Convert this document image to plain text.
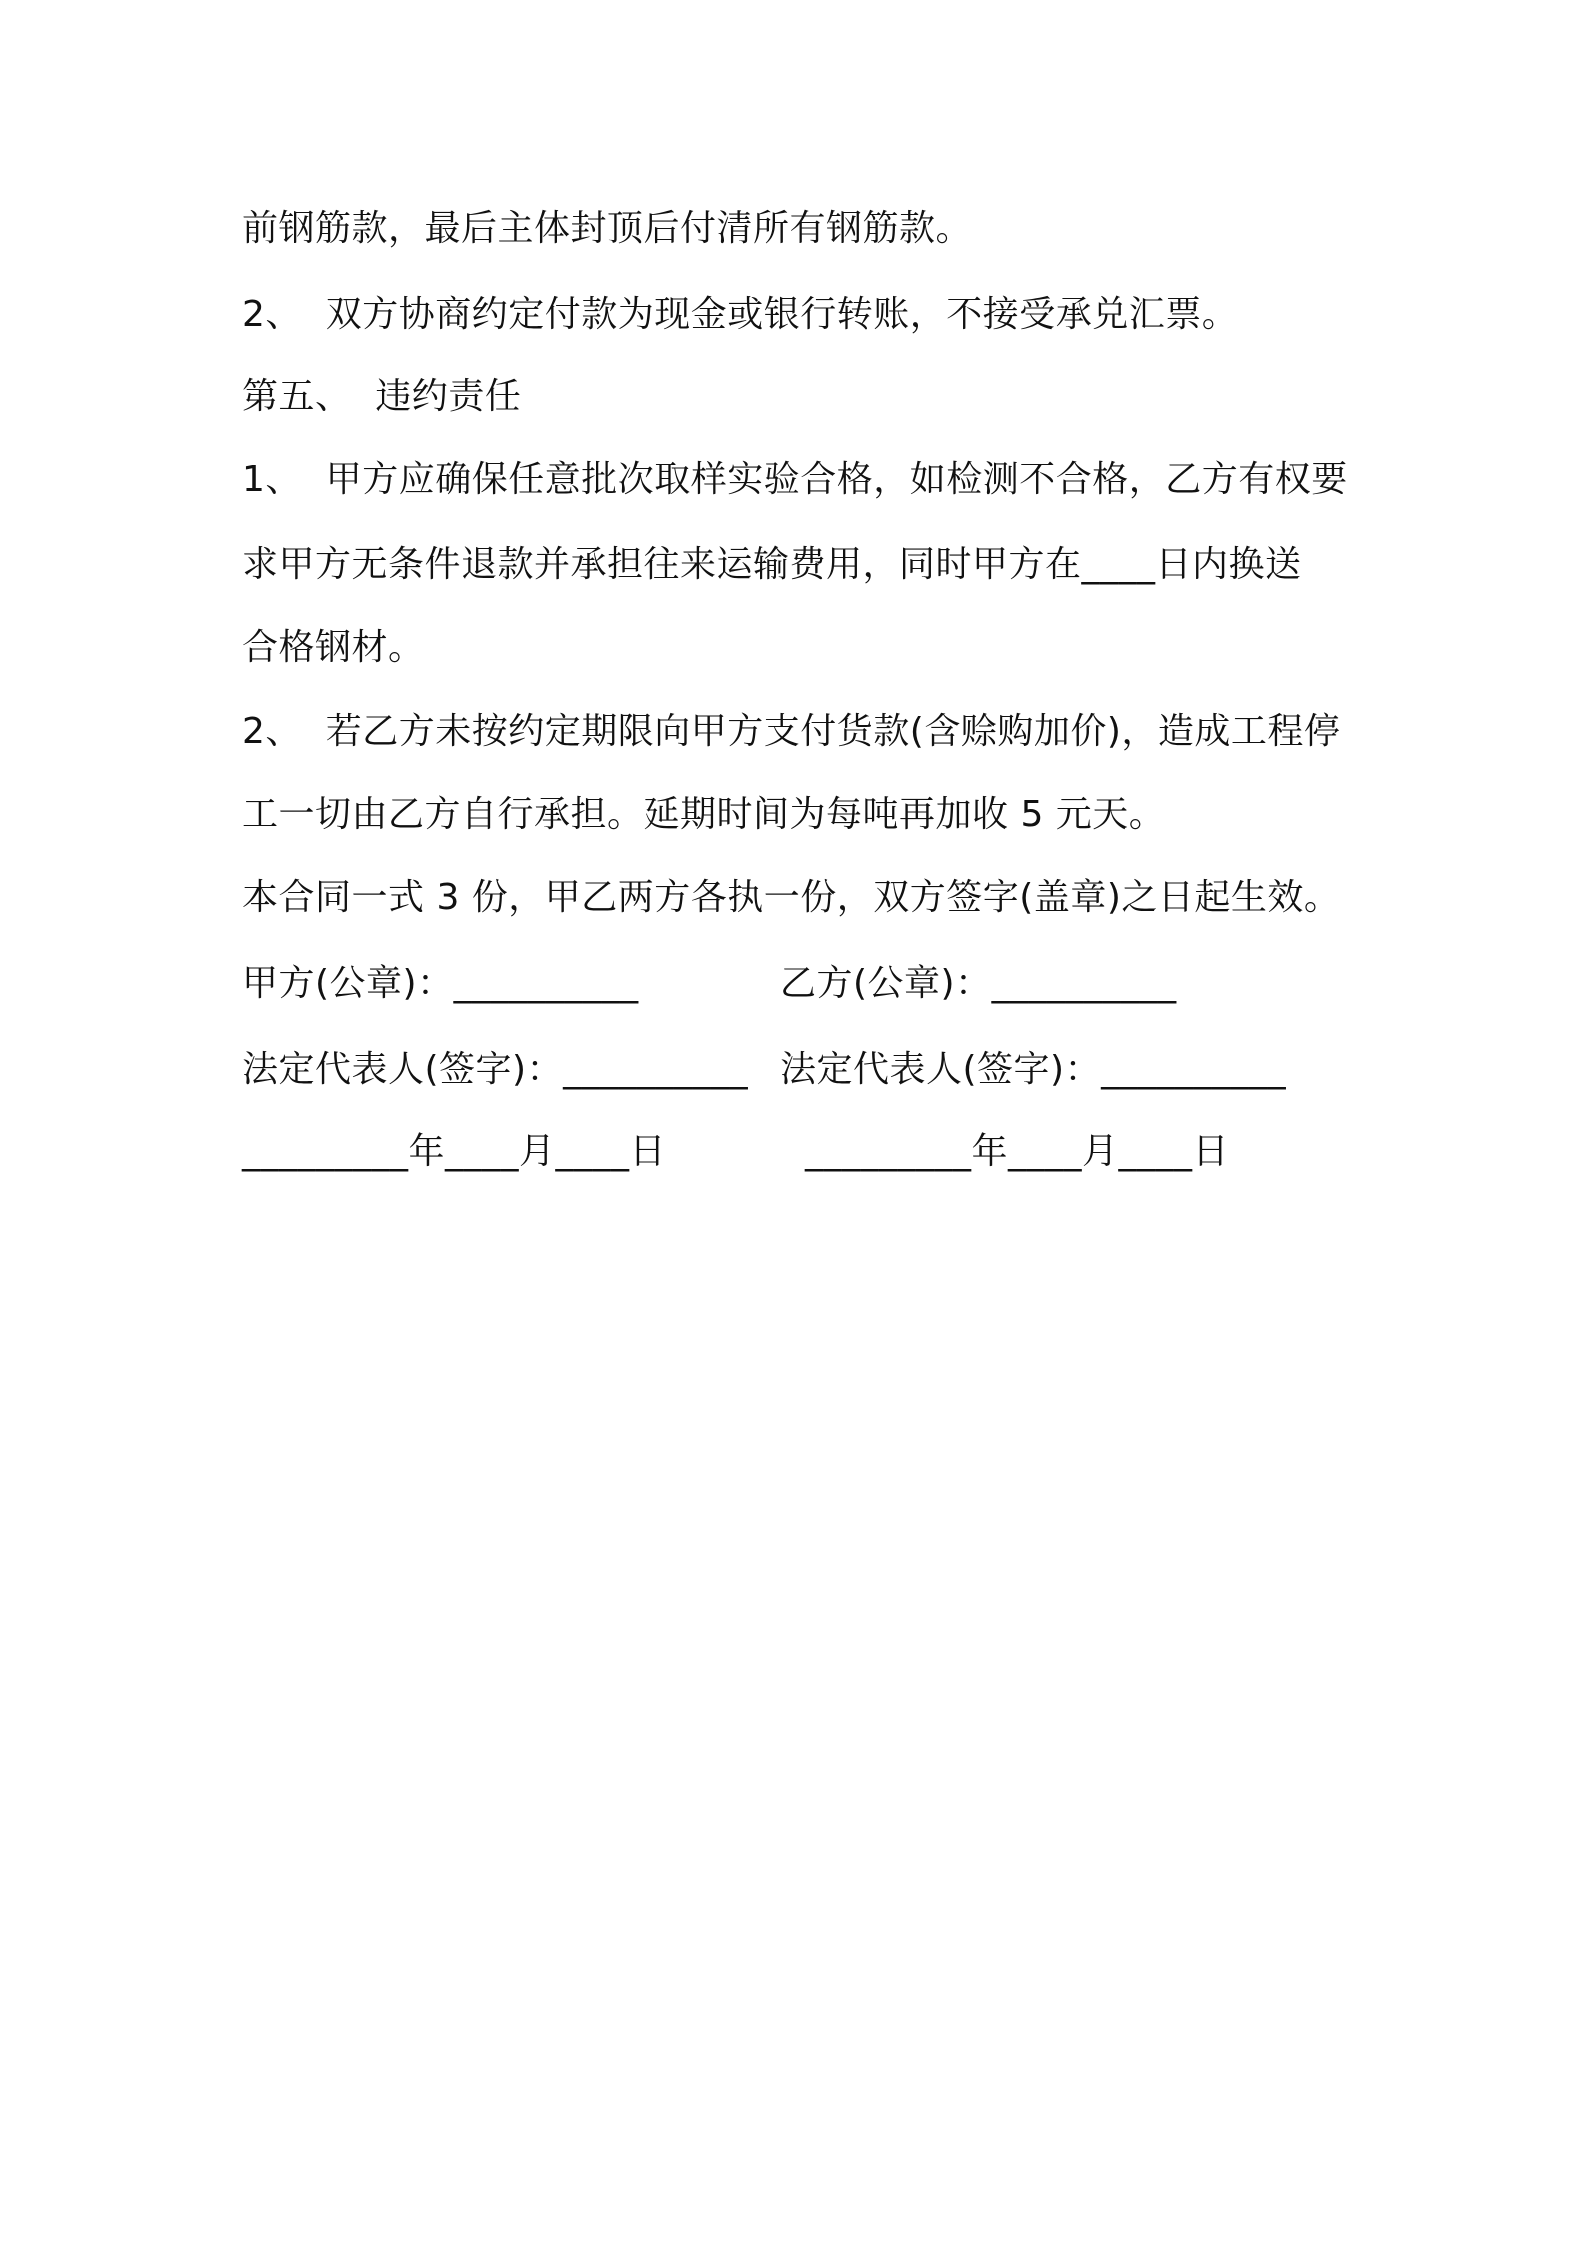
前钢筋款，最后主体封顶后付清所有钢筋款。
2、  双方协商约定付款为现金或银行转账，不接受承兑汇票。
第五、  违约责任
1、  甲方应确保任意批次取样实验合格，如检测不合格，乙方有权要
求甲方无条件退款并承担往来运输费用，同时甲方在____日内换送
合格钢材。
2、  若乙方未按约定期限向甲方支付货款(含赊购加价)，造成工程停
工一切由乙方自行承担。延期时间为每吨再加收 5 元天。
本合同一式 3 份，甲乙两方各执一份，双方签字(盖章)之日起生效。
甲方(公章)：__________	乙方(公章)：__________
法定代表人(签字)：__________ 法定代表人(签字)：__________
_________年____月____日	_________年____月____日
